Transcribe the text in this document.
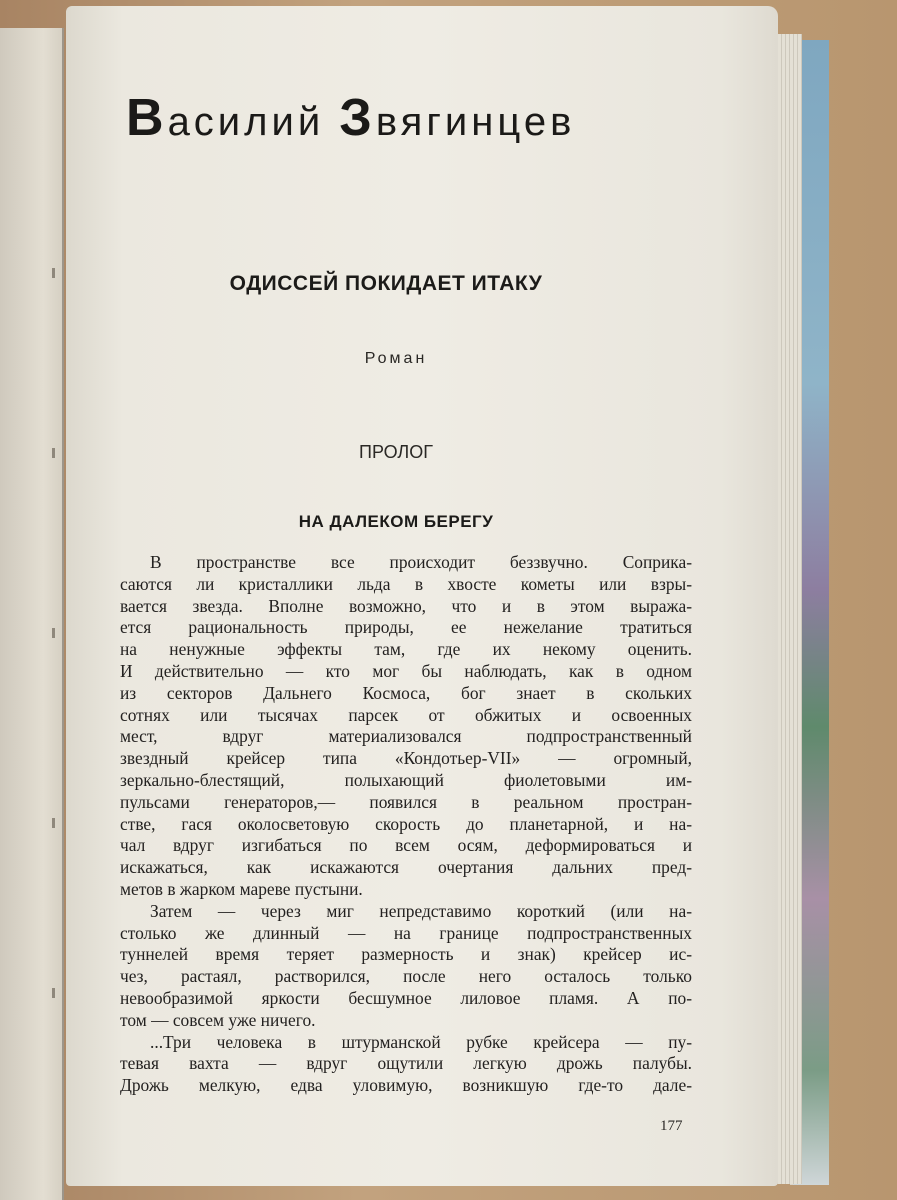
Василий Звягинцев
ОДИССЕЙ ПОКИДАЕТ ИТАКУ
Роман
ПРОЛОГ
НА ДАЛЕКОМ БЕРЕГУ
В пространстве все происходит беззвучно. Соприка-
саются ли кристаллики льда в хвосте кометы или взры-
вается звезда. Вполне возможно, что и в этом выража-
ется рациональность природы, ее нежелание тратиться
на ненужные эффекты там, где их некому оценить.
И действительно — кто мог бы наблюдать, как в одном
из секторов Дальнего Космоса, бог знает в скольких
сотнях или тысячах парсек от обжитых и освоенных
мест, вдруг материализовался подпространственный
звездный крейсер типа «Кондотьер-VII» — огромный,
зеркально-блестящий, полыхающий фиолетовыми им-
пульсами генераторов,— появился в реальном простран-
стве, гася околосветовую скорость до планетарной, и на-
чал вдруг изгибаться по всем осям, деформироваться и
искажаться, как искажаются очертания дальних пред-
метов в жарком мареве пустыни.
Затем — через миг непредставимо короткий (или на-
столько же длинный — на границе подпространственных
туннелей время теряет размерность и знак) крейсер ис-
чез, растаял, растворился, после него осталось только
невообразимой яркости бесшумное лиловое пламя. А по-
том — совсем уже ничего.
...Три человека в штурманской рубке крейсера — пу-
тевая вахта — вдруг ощутили легкую дрожь палубы.
Дрожь мелкую, едва уловимую, возникшую где-то дале-
177
